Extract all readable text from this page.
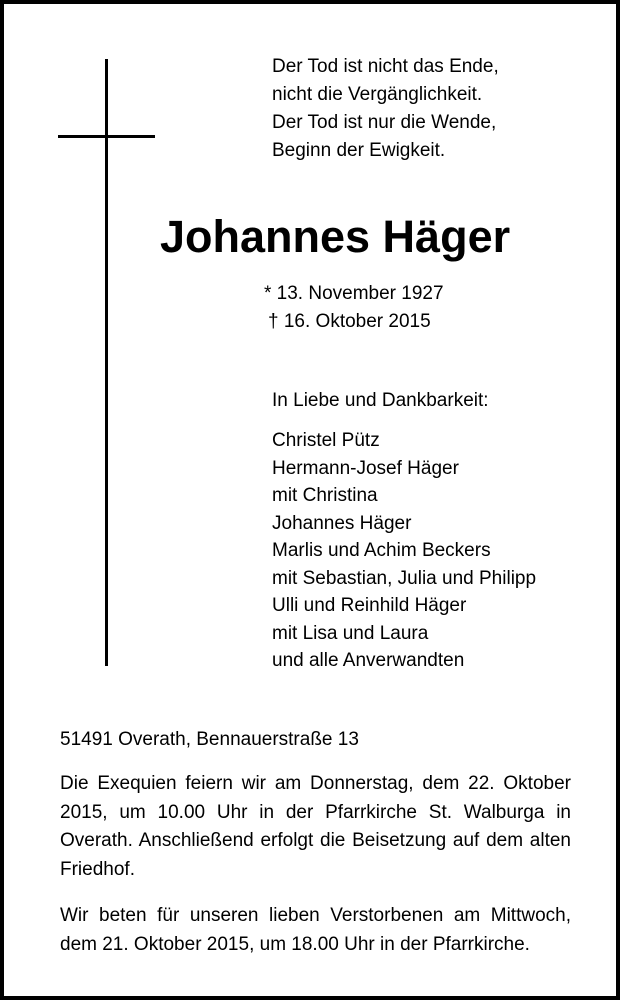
Der Tod ist nicht das Ende,
nicht die Vergänglichkeit.
Der Tod ist nur die Wende,
Beginn der Ewigkeit.
Johannes Häger
* 13. November 1927
† 16. Oktober 2015
In Liebe und Dankbarkeit:
Christel Pütz
Hermann-Josef Häger
mit Christina
Johannes Häger
Marlis und Achim Beckers
mit Sebastian, Julia und Philipp
Ulli und Reinhild Häger
mit Lisa und Laura
und alle Anverwandten
51491 Overath, Bennauerstraße 13
Die Exequien feiern wir am Donnerstag, dem 22. Oktober 2015, um 10.00 Uhr in der Pfarrkirche St. Walburga in Overath. Anschließend erfolgt die Beisetzung auf dem alten Friedhof.
Wir beten für unseren lieben Verstorbenen am Mittwoch, dem 21. Oktober 2015, um 18.00 Uhr in der Pfarrkirche.
